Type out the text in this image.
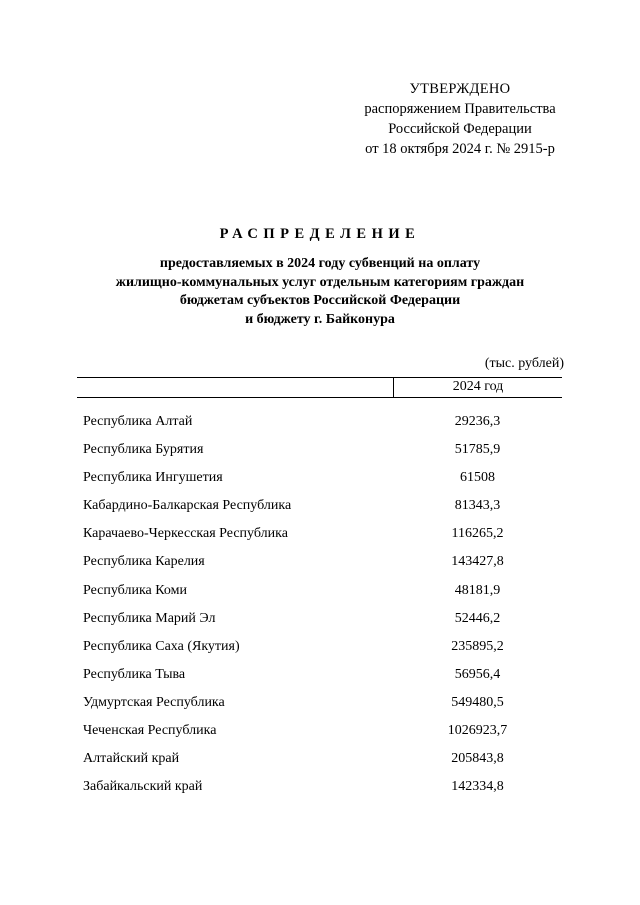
УТВЕРЖДЕНО
распоряжением Правительства
Российской Федерации
от 18 октября 2024 г. № 2915-р
РАСПРЕДЕЛЕНИЕ
предоставляемых в 2024 году субвенций на оплату
жилищно-коммунальных услуг отдельным категориям граждан
бюджетам субъектов Российской Федерации
и бюджету г. Байконура
(тыс. рублей)
2024 год
Республика Алтай	29236,3
Республика Бурятия	51785,9
Республика Ингушетия	61508
Кабардино-Балкарская Республика	81343,3
Карачаево-Черкесская Республика	116265,2
Республика Карелия	143427,8
Республика Коми	48181,9
Республика Марий Эл	52446,2
Республика Саха (Якутия)	235895,2
Республика Тыва	56956,4
Удмуртская Республика	549480,5
Чеченская Республика	1026923,7
Алтайский край	205843,8
Забайкальский край	142334,8
